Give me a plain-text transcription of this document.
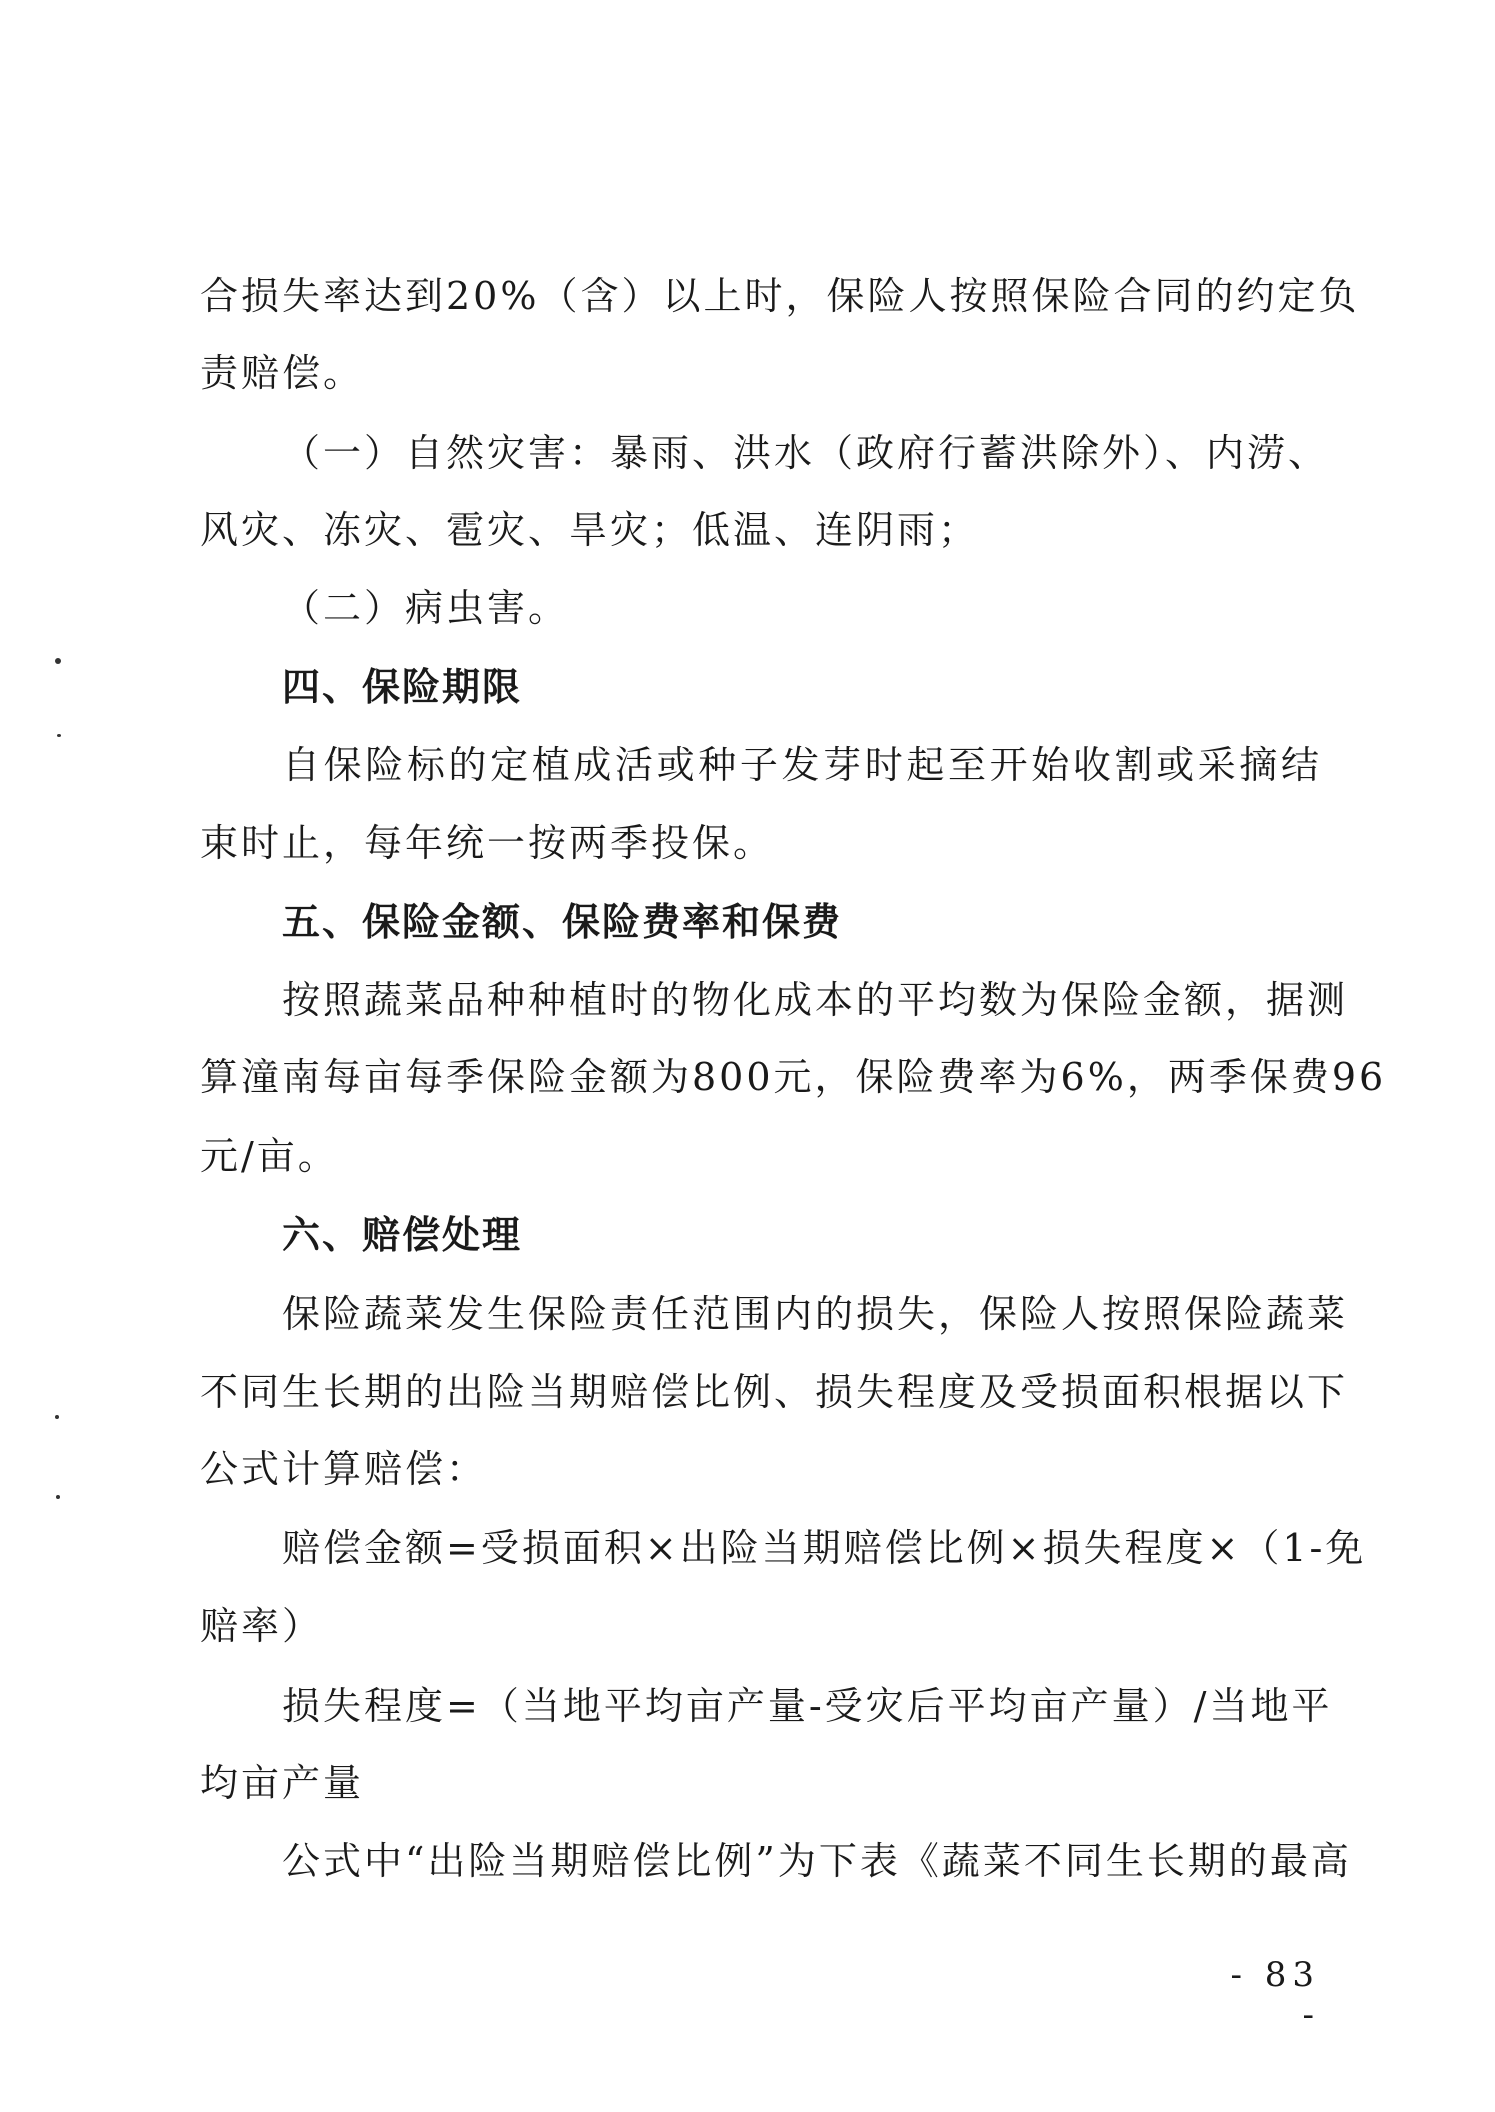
合损失率达到20%（含）以上时，保险人按照保险合同的约定负
责赔偿。
（一）自然灾害：暴雨、洪水（政府行蓄洪除外）、内涝、
风灾、冻灾、雹灾、旱灾；低温、连阴雨；
（二）病虫害。
四、保险期限
自保险标的定植成活或种子发芽时起至开始收割或采摘结
束时止，每年统一按两季投保。
五、保险金额、保险费率和保费
按照蔬菜品种种植时的物化成本的平均数为保险金额，据测
算潼南每亩每季保险金额为800元，保险费率为6%，两季保费96
元/亩。
六、赔偿处理
保险蔬菜发生保险责任范围内的损失，保险人按照保险蔬菜
不同生长期的出险当期赔偿比例、损失程度及受损面积根据以下
公式计算赔偿：
赔偿金额=受损面积×出险当期赔偿比例×损失程度×（1-免
赔率）
损失程度=（当地平均亩产量-受灾后平均亩产量）/当地平
均亩产量
公式中“出险当期赔偿比例”为下表《蔬菜不同生长期的最高
- 83 -
